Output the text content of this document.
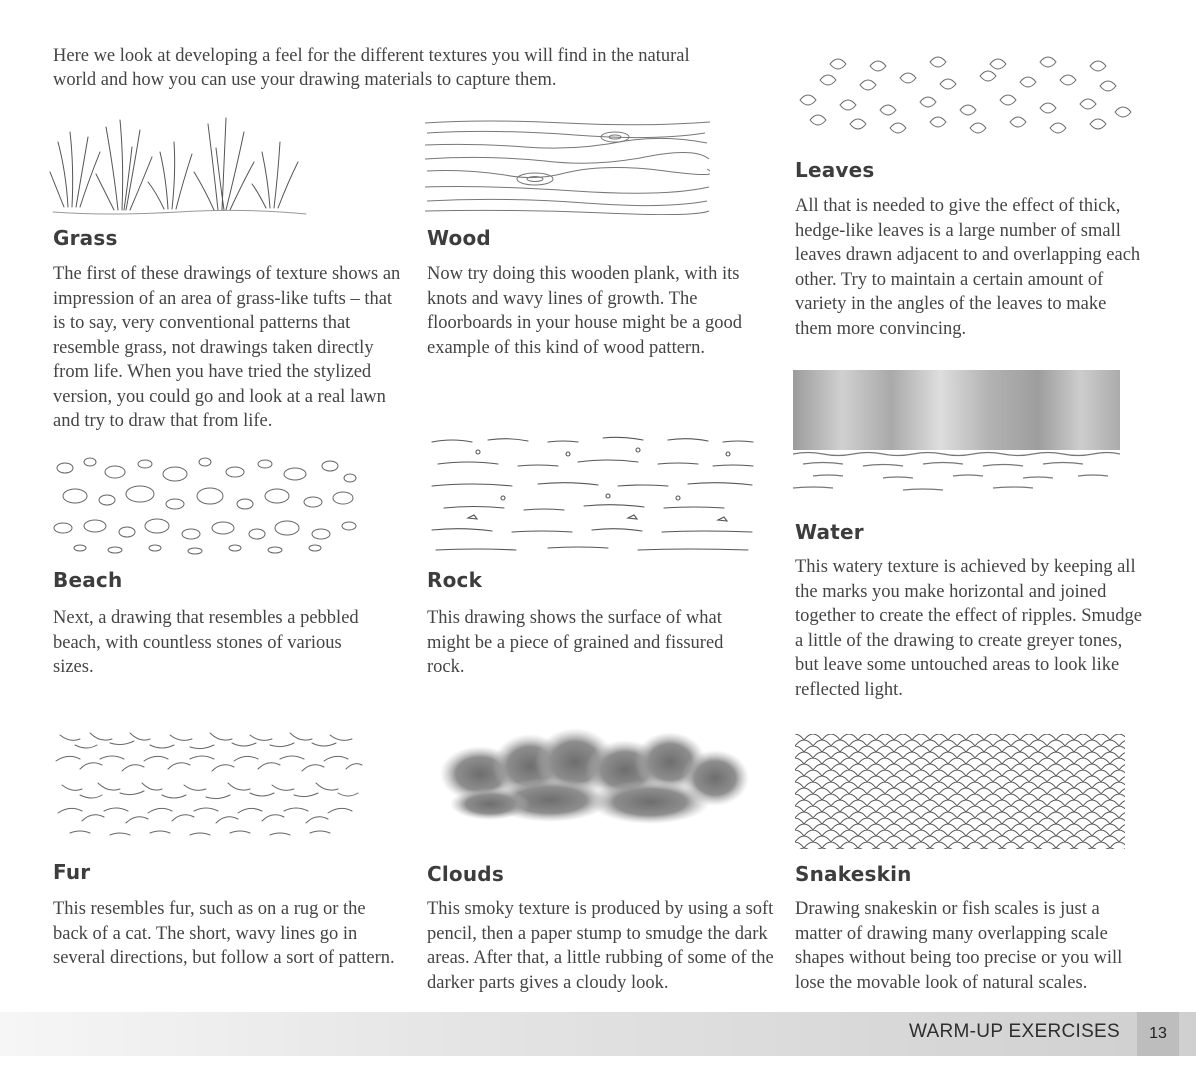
Here we look at developing a feel for the different textures you will find in the natural world and how you can use your drawing materials to capture them.
Grass
The first of these drawings of texture shows an impression of an area of grass-like tufts – that is to say, very conventional patterns that resemble grass, not drawings taken directly from life. When you have tried the stylized version, you could go and look at a real lawn and try to draw that from life.
Wood
Now try doing this wooden plank, with its knots and wavy lines of growth. The floorboards in your house might be a good example of this kind of wood pattern.
Leaves
All that is needed to give the effect of thick, hedge-like leaves is a large number of small leaves drawn adjacent to and overlapping each other. Try to maintain a certain amount of variety in the angles of the leaves to make them more convincing.
Beach
Next, a drawing that resembles a pebbled beach, with countless stones of various sizes.
Rock
This drawing shows the surface of what might be a piece of grained and fissured rock.
Water
This watery texture is achieved by keeping all the marks you make horizontal and joined together to create the effect of ripples. Smudge a little of the drawing to create greyer tones, but leave some untouched areas to look like reflected light.
Fur
This resembles fur, such as on a rug or the back of a cat. The short, wavy lines go in several directions, but follow a sort of pattern.
Clouds
This smoky texture is produced by using a soft pencil, then a paper stump to smudge the dark areas. After that, a little rubbing of some of the darker parts gives a cloudy look.
Snakeskin
Drawing snakeskin or fish scales is just a matter of drawing many overlapping scale shapes without being too precise or you will lose the movable look of natural scales.
WARM-UP EXERCISES	13
